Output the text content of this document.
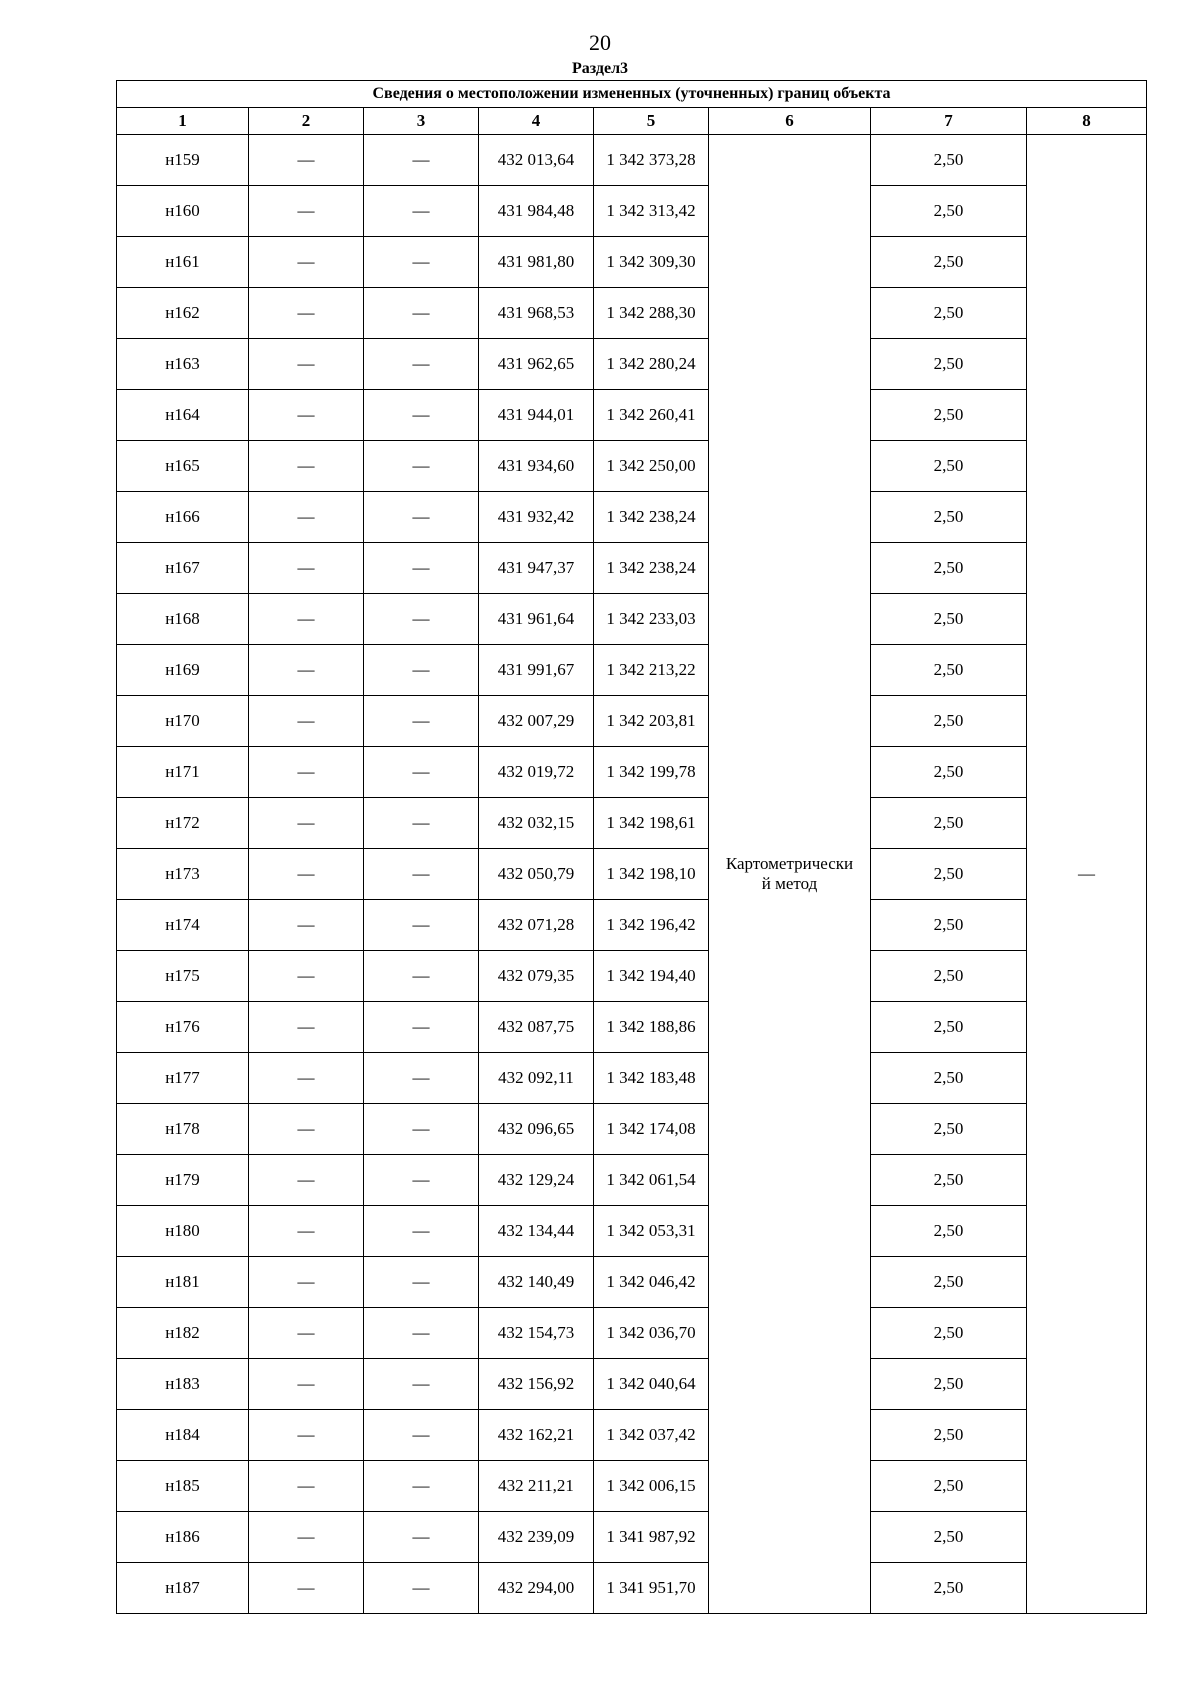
20
Раздел3
Сведения о местоположении измененных (уточненных) границ объекта							
1	2	3	4	5	6	7	8
н159	—	—	432 013,64	1 342 373,28	Картометрически
й метод	2,50	—
н160	—	—	431 984,48	1 342 313,42		2,50	
н161	—	—	431 981,80	1 342 309,30		2,50	
н162	—	—	431 968,53	1 342 288,30		2,50	
н163	—	—	431 962,65	1 342 280,24		2,50	
н164	—	—	431 944,01	1 342 260,41		2,50	
н165	—	—	431 934,60	1 342 250,00		2,50	
н166	—	—	431 932,42	1 342 238,24		2,50	
н167	—	—	431 947,37	1 342 238,24		2,50	
н168	—	—	431 961,64	1 342 233,03		2,50	
н169	—	—	431 991,67	1 342 213,22		2,50	
н170	—	—	432 007,29	1 342 203,81		2,50	
н171	—	—	432 019,72	1 342 199,78		2,50	
н172	—	—	432 032,15	1 342 198,61		2,50	
н173	—	—	432 050,79	1 342 198,10		2,50	
н174	—	—	432 071,28	1 342 196,42		2,50	
н175	—	—	432 079,35	1 342 194,40		2,50	
н176	—	—	432 087,75	1 342 188,86		2,50	
н177	—	—	432 092,11	1 342 183,48		2,50	
н178	—	—	432 096,65	1 342 174,08		2,50	
н179	—	—	432 129,24	1 342 061,54		2,50	
н180	—	—	432 134,44	1 342 053,31		2,50	
н181	—	—	432 140,49	1 342 046,42		2,50	
н182	—	—	432 154,73	1 342 036,70		2,50	
н183	—	—	432 156,92	1 342 040,64		2,50	
н184	—	—	432 162,21	1 342 037,42		2,50	
н185	—	—	432 211,21	1 342 006,15		2,50	
н186	—	—	432 239,09	1 341 987,92		2,50	
н187	—	—	432 294,00	1 341 951,70		2,50	
